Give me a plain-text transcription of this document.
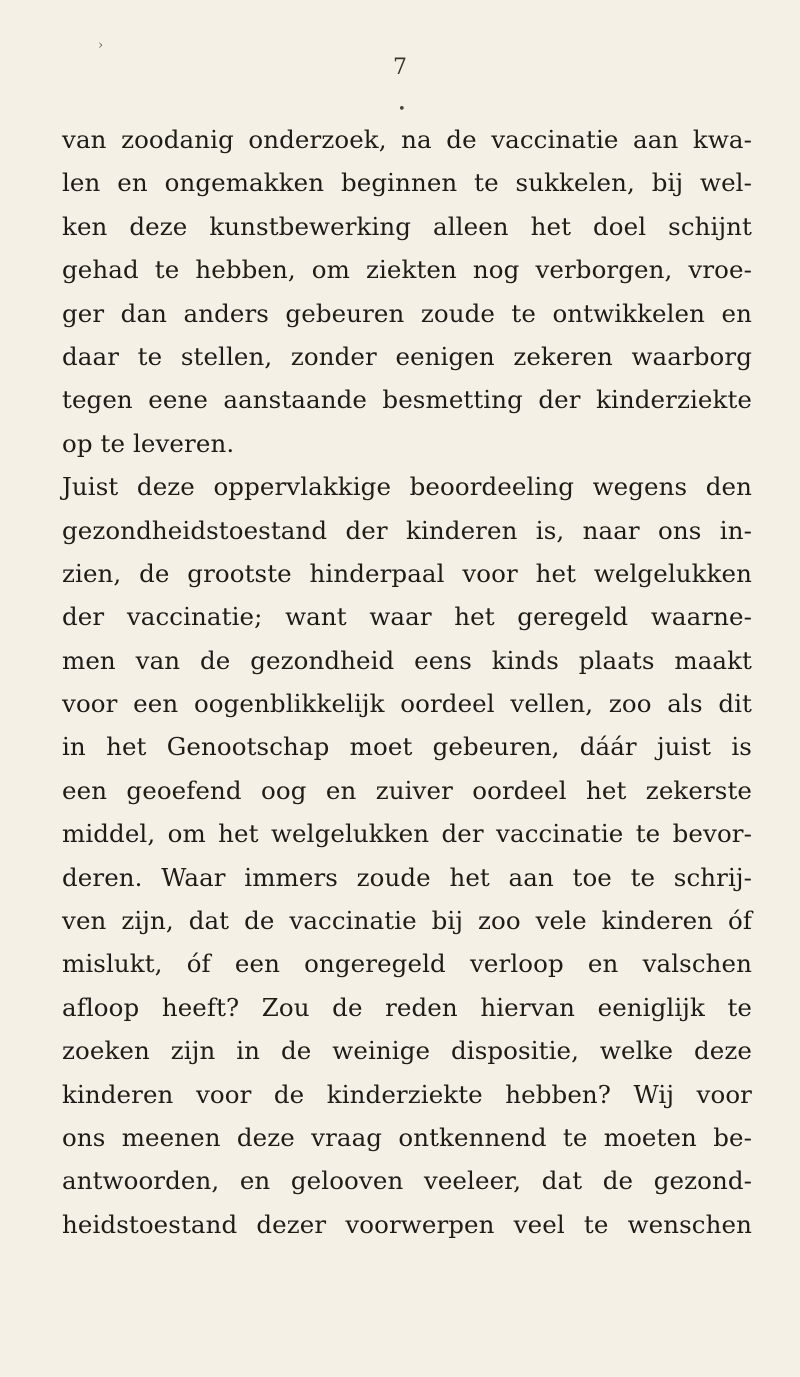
›
7
•
van zoodanig onderzoek, na de vaccinatie aan kwa-
len en ongemakken beginnen te sukkelen, bij wel-
ken deze kunstbewerking alleen het doel schijnt
gehad te hebben, om ziekten nog verborgen, vroe-
ger dan anders gebeuren zoude te ontwikkelen en
daar te stellen, zonder eenigen zekeren waarborg
tegen eene aanstaande besmetting der kinderziekte
op te leveren.
Juist deze oppervlakkige beoordeeling wegens den
gezondheidstoestand der kinderen is, naar ons in-
zien, de grootste hinderpaal voor het welgelukken
der vaccinatie; want waar het geregeld waarne-
men van de gezondheid eens kinds plaats maakt
voor een oogenblikkelijk oordeel vellen, zoo als dit
in het Genootschap moet gebeuren, dáár juist is
een geoefend oog en zuiver oordeel het zekerste
middel, om het welgelukken der vaccinatie te bevor-
deren. Waar immers zoude het aan toe te schrij-
ven zijn, dat de vaccinatie bij zoo vele kinderen óf
mislukt, óf een ongeregeld verloop en valschen
afloop heeft? Zou de reden hiervan eeniglijk te
zoeken zijn in de weinige dispositie, welke deze
kinderen voor de kinderziekte hebben? Wij voor
ons meenen deze vraag ontkennend te moeten be-
antwoorden, en gelooven veeleer, dat de gezond-
heidstoestand dezer voorwerpen veel te wenschen
